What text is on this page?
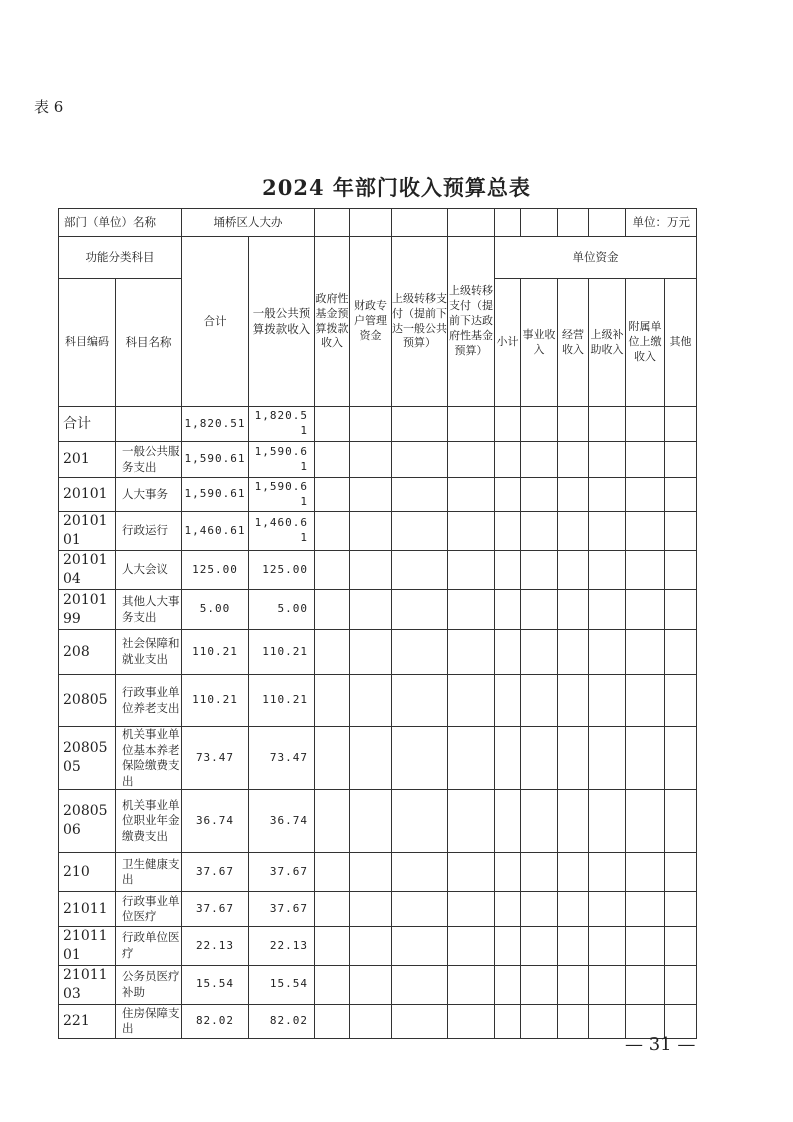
表 6
2024 年部门收入预算总表
部门（单位）名称		埇桥区人大办										单位：万元	
功能分类科目		合计	一般公共预算拨款收入	政府性基金预算拨款收入	财政专户管理资金	上级转移支付（提前下达一般公共预算）	上级转移支付（提前下达政府性基金预算）	单位资金					
科目编码	科目名称							小计	事业收入	经营收入	上级补助收入	附属单位上缴收入	其他
合计		1,820.51	1,820.51										
201	一般公共服务支出	1,590.61	1,590.61										
20101	人大事务	1,590.61	1,590.61										
2010101	行政运行	1,460.61	1,460.61										
2010104	人大会议	125.00	125.00										
2010199	其他人大事务支出	5.00	5.00										
208	社会保障和就业支出	110.21	110.21										
20805	行政事业单位养老支出	110.21	110.21										
2080505	机关事业单位基本养老保险缴费支出	73.47	73.47										
2080506	机关事业单位职业年金缴费支出	36.74	36.74										
210	卫生健康支出	37.67	37.67										
21011	行政事业单位医疗	37.67	37.67										
2101101	行政单位医疗	22.13	22.13										
2101103	公务员医疗补助	15.54	15.54										
221	住房保障支出	82.02	82.02										
— 31 —
